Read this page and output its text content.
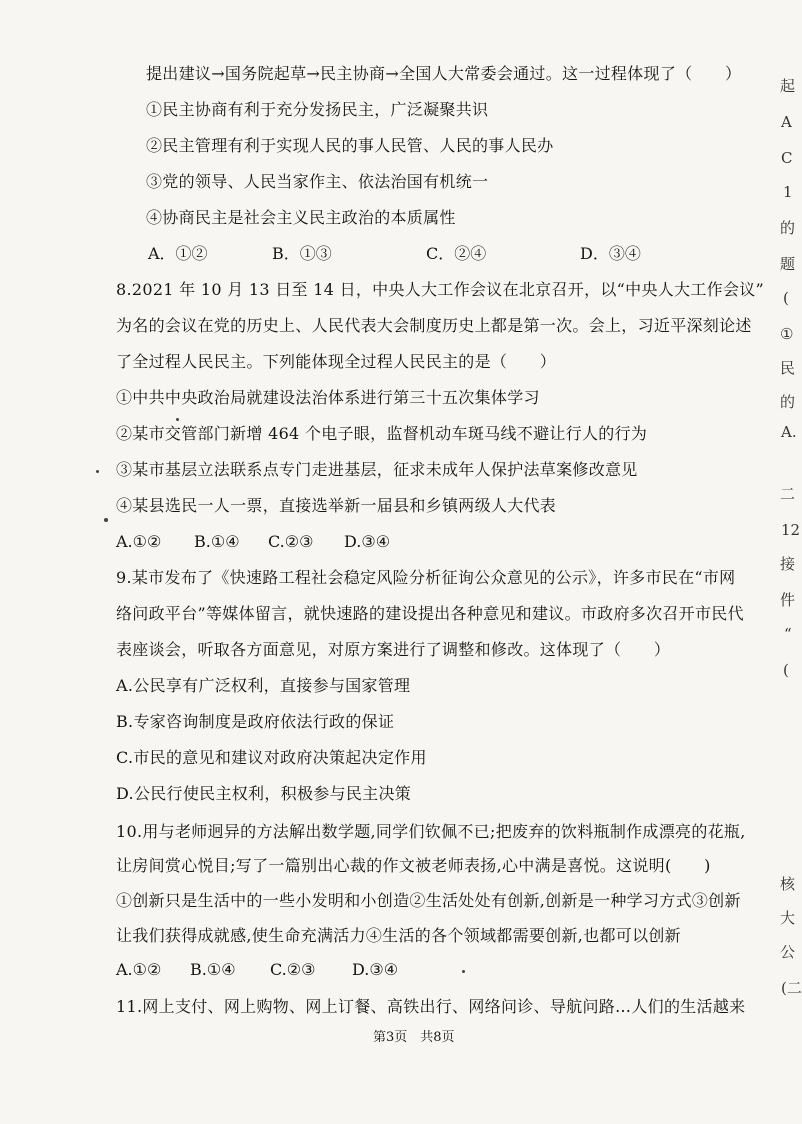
提出建议→国务院起草→民主协商→全国人大常委会通过。这一过程体现了（　　）
①民主协商有利于充分发扬民主，广泛凝聚共识
②民主管理有利于实现人民的事人民管、人民的事人民办
③党的领导、人民当家作主、依法治国有机统一
④协商民主是社会主义民主政治的本质属性
A．①②	B．①③	C．②④	D．③④
8.2021 年 10 月 13 日至 14 日，中央人大工作会议在北京召开，以“中央人大工作会议”
为名的会议在党的历史上、人民代表大会制度历史上都是第一次。会上，习近平深刻论述
了全过程人民民主。下列能体现全过程人民民主的是（　　）
①中共中央政治局就建设法治体系进行第三十五次集体学习
②某市交管部门新增 464 个电子眼，监督机动车斑马线不避让行人的行为
③某市基层立法联系点专门走进基层，征求未成年人保护法草案修改意见
④某县选民一人一票，直接选举新一届县和乡镇两级人大代表
A.①② B.①④ C.②③ D.③④
9.某市发布了《快速路工程社会稳定风险分析征询公众意见的公示》，许多市民在“市网
络问政平台”等媒体留言，就快速路的建设提出各种意见和建议。市政府多次召开市民代
表座谈会，听取各方面意见，对原方案进行了调整和修改。这体现了（　　）
A.公民享有广泛权利，直接参与国家管理
B.专家咨询制度是政府依法行政的保证
C.市民的意见和建议对政府决策起决定作用
D.公民行使民主权利，积极参与民主决策
10.用与老师迥异的方法解出数学题,同学们钦佩不已;把废弃的饮料瓶制作成漂亮的花瓶,
让房间赏心悦目;写了一篇别出心裁的作文被老师表扬,心中满是喜悦。这说明(　　)
①创新只是生活中的一些小发明和小创造②生活处处有创新,创新是一种学习方式③创新
让我们获得成就感,使生命充满活力④生活的各个领域都需要创新,也都可以创新
A.①② B.①④ C.②③ D.③④
11.网上支付、网上购物、网上订餐、高铁出行、网络问诊、导航问路…人们的生活越来
第3页　共8页
起
A
C
1
的
题
(
①
民
的
A.
二
12
接
件
“
(
核
大
公
(二
